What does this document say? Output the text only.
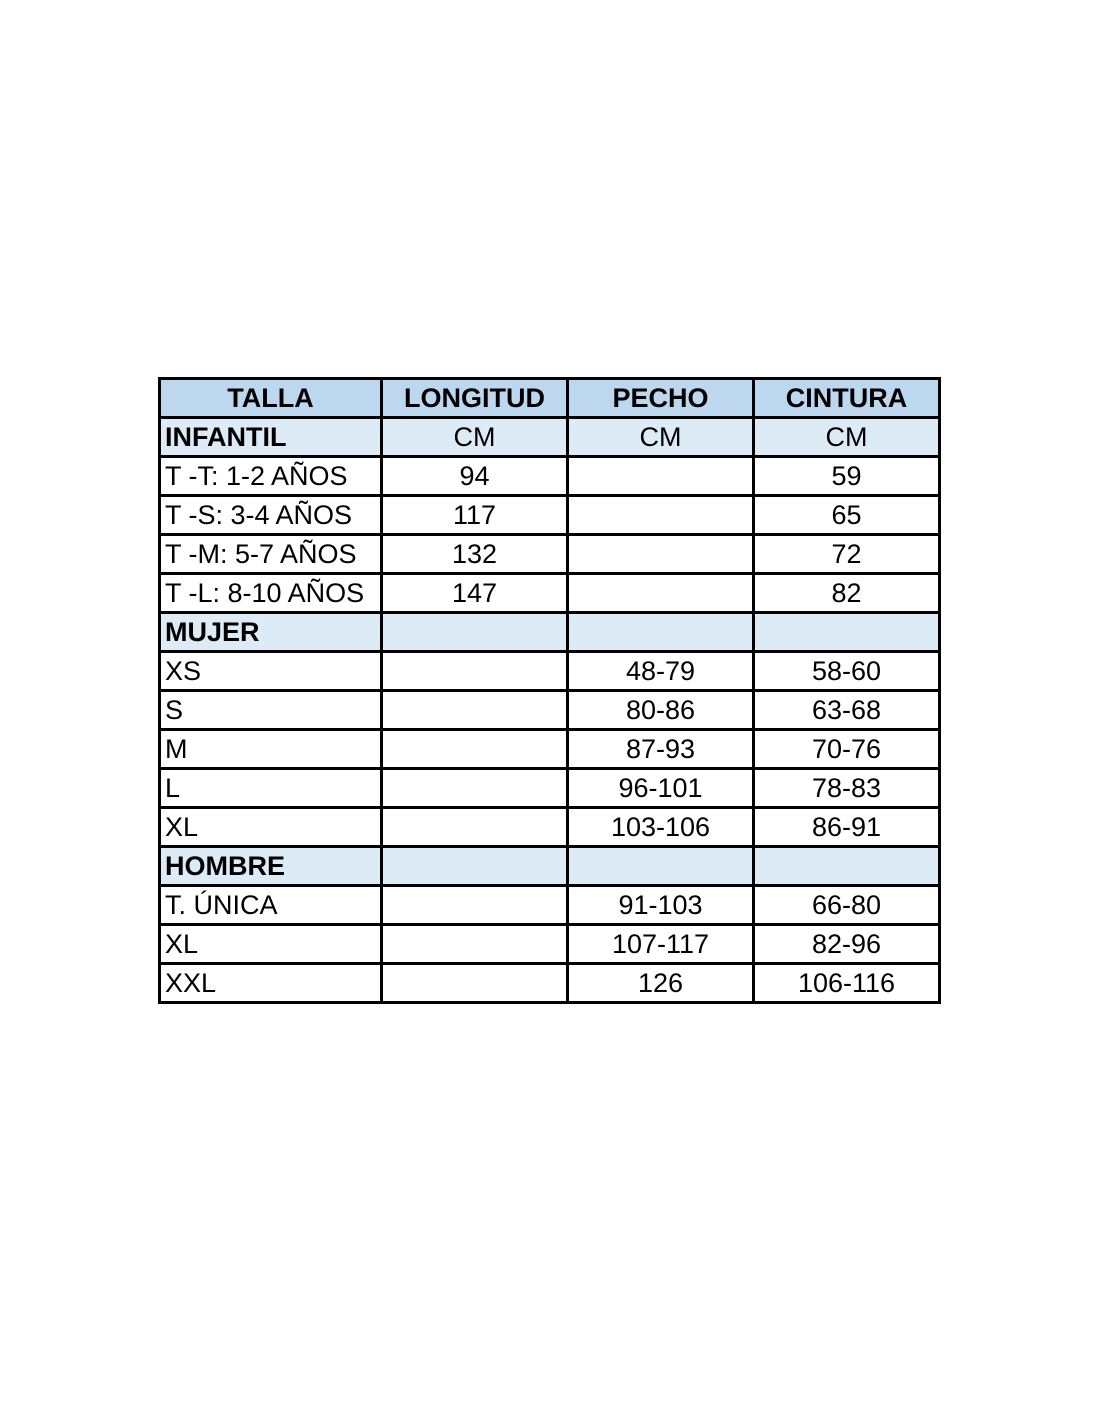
TALLA	LONGITUD	PECHO	CINTURA
INFANTIL	CM	CM	CM
T -T: 1-2 AÑOS	94		59
T -S: 3-4 AÑOS	117		65
T -M: 5-7 AÑOS	132		72
T -L: 8-10 AÑOS	147		82
MUJER			
XS		48-79	58-60
S		80-86	63-68
M		87-93	70-76
L		96-101	78-83
XL		103-106	86-91
HOMBRE			
T. ÚNICA		91-103	66-80
XL		107-117	82-96
XXL		126	106-116
